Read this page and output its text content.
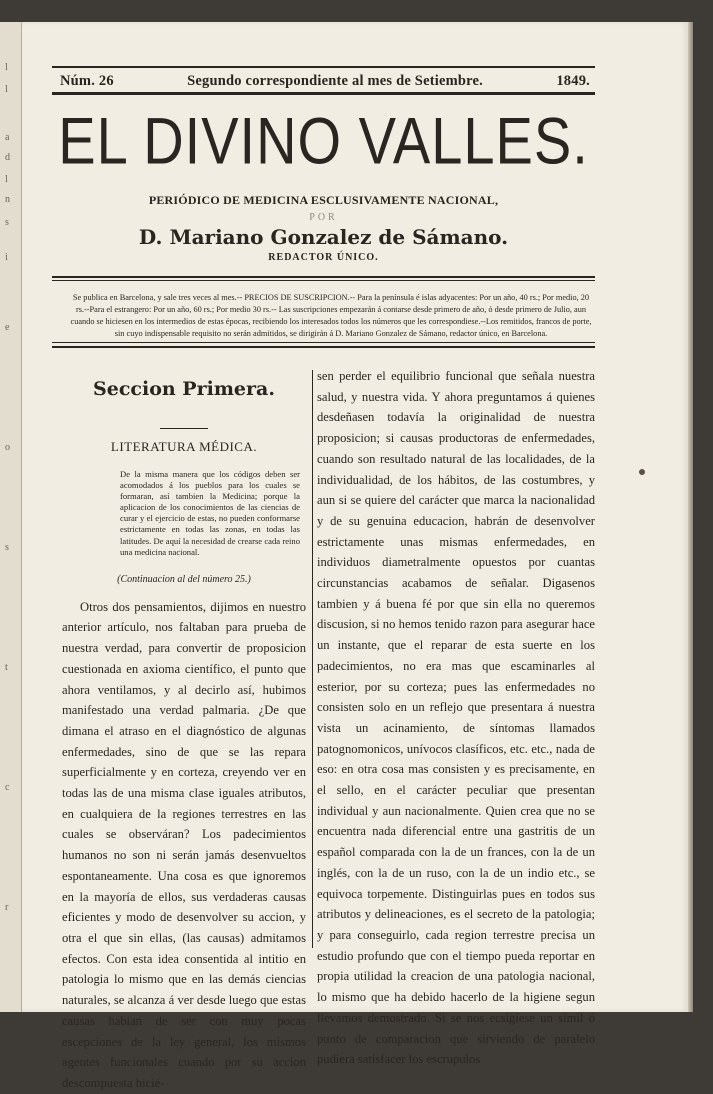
l
l
a
d
l
n
s
i
e
o
s
t
c
r
Núm. 26	Segundo correspondiente al mes de Setiembre.	1849.
EL DIVINO VALLES.
PERIÓDICO DE MEDICINA ESCLUSIVAMENTE NACIONAL,
POR
D. Mariano Gonzalez de Sámano.
REDACTOR ÚNICO.
Se publica en Barcelona, y sale tres veces al mes.-- PRECIOS DE SUSCRIPCION.-- Para la península é islas adyacentes: Por un año, 40 rs.; Por medio, 20 rs.--Para el estrangero: Por un año, 60 rs.; Por medio 30 rs.-- Las suscripciones empezarán á contarse desde primero de año, ó desde primero de Julio, aun cuando se hiciesen en los intermedios de estas épocas, recibiendo los interesados todos los números que les correspondiese.--Los remitidos, francos de porte, sin cuyo indispensable requisito no serán admitidos, se dirigirán á D. Mariano Gonzalez de Sámano, redactor único, en Barcelona.
Seccion Primera.
LITERATURA MÉDICA.
De la misma manera que los códigos deben ser acomodados á los pueblos para los cuales se formaran, así tambien la Medicina; porque la aplicacion de los conocimientos de las ciencias de curar y el ejercicio de estas, no pueden conformarse estrictamente en todas las zonas, en todas las latitudes. De aquí la necesidad de crearse cada reino una medicina nacional.
(Continuacion al del número 25.)
Otros dos pensamientos, dijimos en nuestro anterior artículo, nos faltaban para prueba de nuestra verdad, para convertir de proposicion cuestionada en axioma científico, el punto que ahora ventilamos, y al decirlo así, hubimos manifestado una verdad palmaria. ¿De que dimana el atraso en el diagnóstico de algunas enfermedades, sino de que se las repara superficialmente y en corteza, creyendo ver en todas las de una misma clase iguales atributos, en cualquiera de la regiones terrestres en las cuales se observáran? Los padecimientos humanos no son ni serán jamás desenvueltos espontaneamente. Una cosa es que ignoremos en la mayoría de ellos, sus verdaderas causas eficientes y modo de desenvolver su accion, y otra el que sin ellas, (las causas) admitamos efectos. Con esta idea consentida al intitio en patologia lo mismo que en las demás ciencias naturales, se alcanza á ver desde luego que estas causas habian de ser con muy pocas escepciones de la ley general, los mismos agentes funcionales cuando por su accion descompuesta hicié-
sen perder el equilibrio funcional que señala nuestra salud, y nuestra vida. Y ahora preguntamos á quienes desdeñasen todavía la originalidad de nuestra proposicion; si causas productoras de enfermedades, cuando son resultado natural de las localidades, de la individualidad, de los hábitos, de las costumbres, y aun si se quiere del carácter que marca la nacionalidad y de su genuina educacion, habrán de desenvolver estrictamente unas mismas enfermedades, en individuos diametralmente opuestos por cuantas circunstancias acabamos de señalar. Digasenos tambien y á buena fé por que sin ella no queremos discusion, si no hemos tenido razon para asegurar hace un instante, que el reparar de esta suerte en los padecimientos, no era mas que escaminarles al esterior, por su corteza; pues las enfermedades no consisten solo en un reflejo que presentara á nuestra vista un acinamiento, de síntomas llamados patognomonicos, unívocos clasíficos, etc. etc., nada de eso: en otra cosa mas consisten y es precisamente, en el sello, en el carácter peculiar que presentan individual y aun nacionalmente. Quien crea que no se encuentra nada diferencial entre una gastritis de un español comparada con la de un frances, con la de un inglés, con la de un ruso, con la de un indio etc., se equivoca torpemente. Distinguirlas pues en todos sus atributos y delineaciones, es el secreto de la patologia; y para conseguirlo, cada region terrestre precisa un estudio profundo que con el tiempo pueda reportar en propia utilidad la creacion de una patologia nacional, lo mismo que ha debido hacerlo de la higiene segun llevamos demostrado. Si se nos ecsigiese un simil ó punto de comparacion que sirviendo de paralelo pudiera satisfacer los escrupulos
